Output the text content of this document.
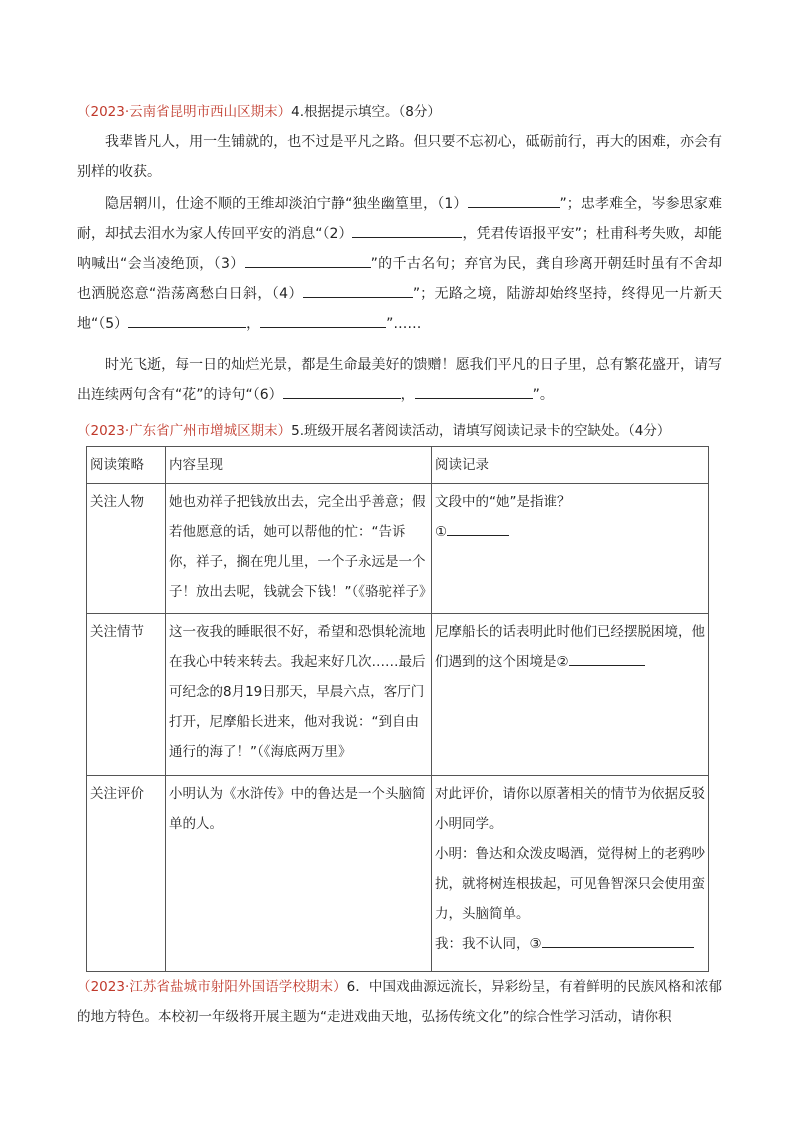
（2023·云南省昆明市西山区期末）4.根据提示填空。（8分）
我辈皆凡人，用一生铺就的，也不过是平凡之路。但只要不忘初心，砥砺前行，再大的困难，亦会有别样的收获。
隐居辋川，仕途不顺的王维却淡泊宁静“独坐幽篁里，（1）	”；忠孝难全，岑参思家难耐，却拭去泪水为家人传回平安的消息“（2）	，凭君传语报平安”；杜甫科考失败，却能呐喊出“会当凌绝顶，（3）	”的千古名句；弃官为民，龚自珍离开朝廷时虽有不舍却也洒脱恣意“浩荡离愁白日斜，（4）	”；无路之境，陆游却始终坚持，终得见一片新天地“（5）	，	”……
时光飞逝，每一日的灿烂光景，都是生命最美好的馈赠！愿我们平凡的日子里，总有繁花盛开，请写出连续两句含有“花”的诗句“（6）	，	”。
（2023·广东省广州市增城区期末）5.班级开展名著阅读活动，请填写阅读记录卡的空缺处。（4分）
阅读策略	内容呈现	阅读记录
关注人物	她也劝祥子把钱放出去，完全出乎善意；假若他愿意的话，她可以帮他的忙：“告诉你，祥子，搁在兜儿里，一个子永远是一个子！放出去呢，钱就会下钱！”（《骆驼祥子》	文段中的“她”是指谁？

①

关注情节	这一夜我的睡眠很不好，希望和恐惧轮流地在我心中转来转去。我起来好几次……最后可纪念的8月19日那天，早晨六点，客厅门打开，尼摩船长进来，他对我说：“到自由通行的海了！”（《海底两万里》	尼摩船长的话表明此时他们已经摆脱困境，他们遇到的这个困境是②

关注评价	小明认为《水浒传》中的鲁达是一个头脑简单的人。	对此评价，请你以原著相关的情节为依据反驳小明同学。

小明：鲁达和众泼皮喝酒，觉得树上的老鸦吵扰，就将树连根拔起，可见鲁智深只会使用蛮力，头脑简单。

我：我不认同，③

（2023·江苏省盐城市射阳外国语学校期末）6．中国戏曲源远流长，异彩纷呈，有着鲜明的民族风格和浓郁的地方特色。本校初一年级将开展主题为“走进戏曲天地，弘扬传统文化”的综合性学习活动，请你积
